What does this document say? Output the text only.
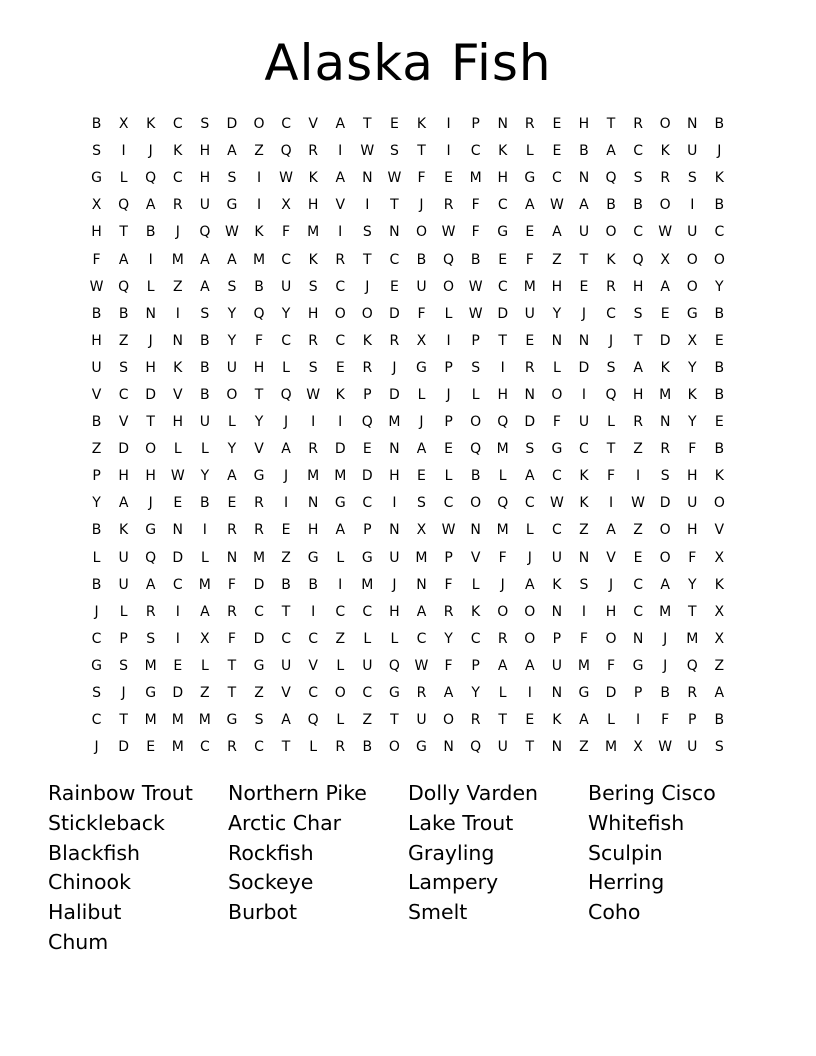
Alaska Fish
B	X	K	C	S	D	O	C	V	A	T	E	K	I	P	N	R	E	H	T	R	O	N	B
S	I	J	K	H	A	Z	Q	R	I	W	S	T	I	C	K	L	E	B	A	C	K	U	J
G	L	Q	C	H	S	I	W	K	A	N	W	F	E	M	H	G	C	N	Q	S	R	S	K
X	Q	A	R	U	G	I	X	H	V	I	T	J	R	F	C	A	W	A	B	B	O	I	B
H	T	B	J	Q	W	K	F	M	I	S	N	O	W	F	G	E	A	U	O	C	W	U	C
F	A	I	M	A	A	M	C	K	R	T	C	B	Q	B	E	F	Z	T	K	Q	X	O	O
W	Q	L	Z	A	S	B	U	S	C	J	E	U	O	W	C	M	H	E	R	H	A	O	Y
B	B	N	I	S	Y	Q	Y	H	O	O	D	F	L	W	D	U	Y	J	C	S	E	G	B
H	Z	J	N	B	Y	F	C	R	C	K	R	X	I	P	T	E	N	N	J	T	D	X	E
U	S	H	K	B	U	H	L	S	E	R	J	G	P	S	I	R	L	D	S	A	K	Y	B
V	C	D	V	B	O	T	Q	W	K	P	D	L	J	L	H	N	O	I	Q	H	M	K	B
B	V	T	H	U	L	Y	J	I	I	Q	M	J	P	O	Q	D	F	U	L	R	N	Y	E
Z	D	O	L	L	Y	V	A	R	D	E	N	A	E	Q	M	S	G	C	T	Z	R	F	B
P	H	H	W	Y	A	G	J	M	M	D	H	E	L	B	L	A	C	K	F	I	S	H	K
Y	A	J	E	B	E	R	I	N	G	C	I	S	C	O	Q	C	W	K	I	W	D	U	O
B	K	G	N	I	R	R	E	H	A	P	N	X	W	N	M	L	C	Z	A	Z	O	H	V
L	U	Q	D	L	N	M	Z	G	L	G	U	M	P	V	F	J	U	N	V	E	O	F	X
B	U	A	C	M	F	D	B	B	I	M	J	N	F	L	J	A	K	S	J	C	A	Y	K
J	L	R	I	A	R	C	T	I	C	C	H	A	R	K	O	O	N	I	H	C	M	T	X
C	P	S	I	X	F	D	C	C	Z	L	L	C	Y	C	R	O	P	F	O	N	J	M	X
G	S	M	E	L	T	G	U	V	L	U	Q	W	F	P	A	A	U	M	F	G	J	Q	Z
S	J	G	D	Z	T	Z	V	C	O	C	G	R	A	Y	L	I	N	G	D	P	B	R	A
C	T	M	M	M	G	S	A	Q	L	Z	T	U	O	R	T	E	K	A	L	I	F	P	B
J	D	E	M	C	R	C	T	L	R	B	O	G	N	Q	U	T	N	Z	M	X	W	U	S
Rainbow Trout	Northern Pike	Dolly Varden	Bering Cisco
Stickleback	Arctic Char	Lake Trout	Whitefish
Blackfish	Rockfish	Grayling	Sculpin
Chinook	Sockeye	Lampery	Herring
Halibut	Burbot	Smelt	Coho
Chum
